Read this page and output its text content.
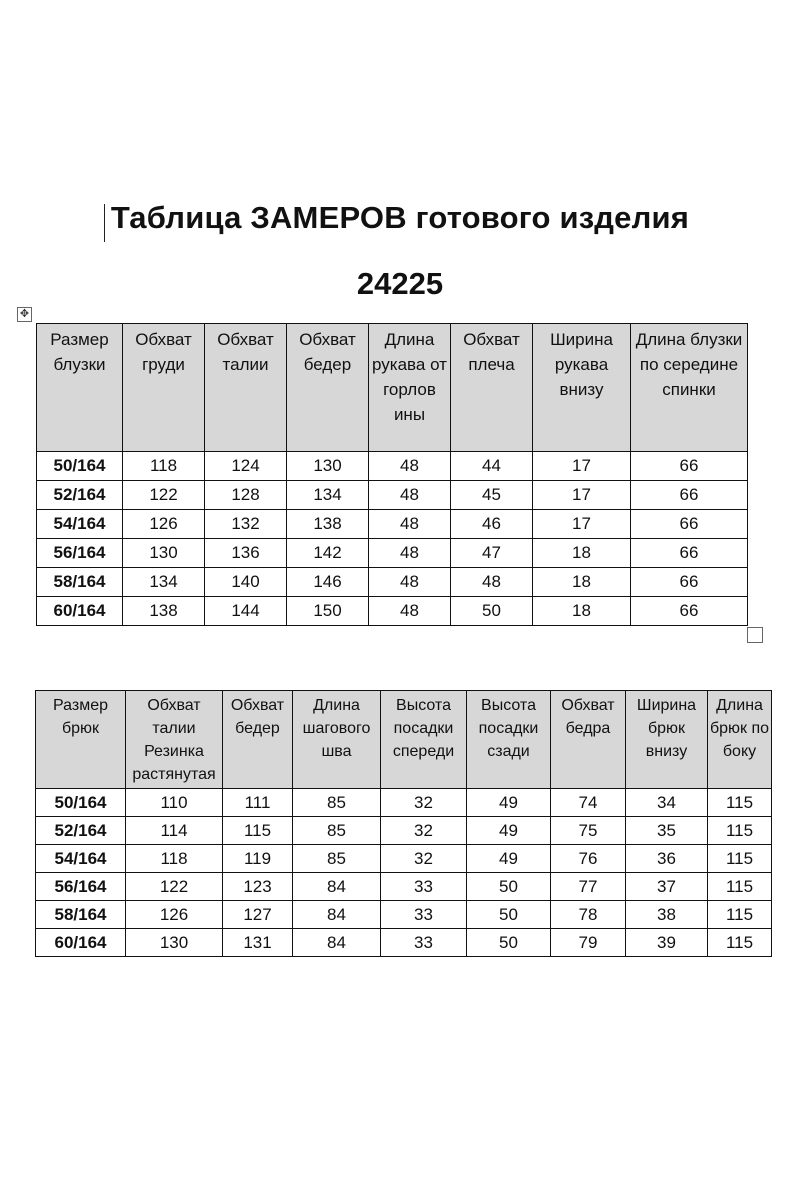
Таблица ЗАМЕРОВ готового изделия
24225
✥
Размер блузки	Обхват груди	Обхват талии	Обхват бедер	Длина рукава от горлов ины	Обхват плеча	Ширина рукава внизу	Длина блузки по середине спинки
50/164	118	124	130	48	44	17	66
52/164	122	128	134	48	45	17	66
54/164	126	132	138	48	46	17	66
56/164	130	136	142	48	47	18	66
58/164	134	140	146	48	48	18	66
60/164	138	144	150	48	50	18	66
Размер брюк	Обхват талии Резинка растянутая	Обхват бедер	Длина шагового шва	Высота посадки спереди	Высота посадки сзади	Обхват бедра	Ширина брюк внизу	Длина брюк по боку
50/164	110	111	85	32	49	74	34	115
52/164	114	115	85	32	49	75	35	115
54/164	118	119	85	32	49	76	36	115
56/164	122	123	84	33	50	77	37	115
58/164	126	127	84	33	50	78	38	115
60/164	130	131	84	33	50	79	39	115
